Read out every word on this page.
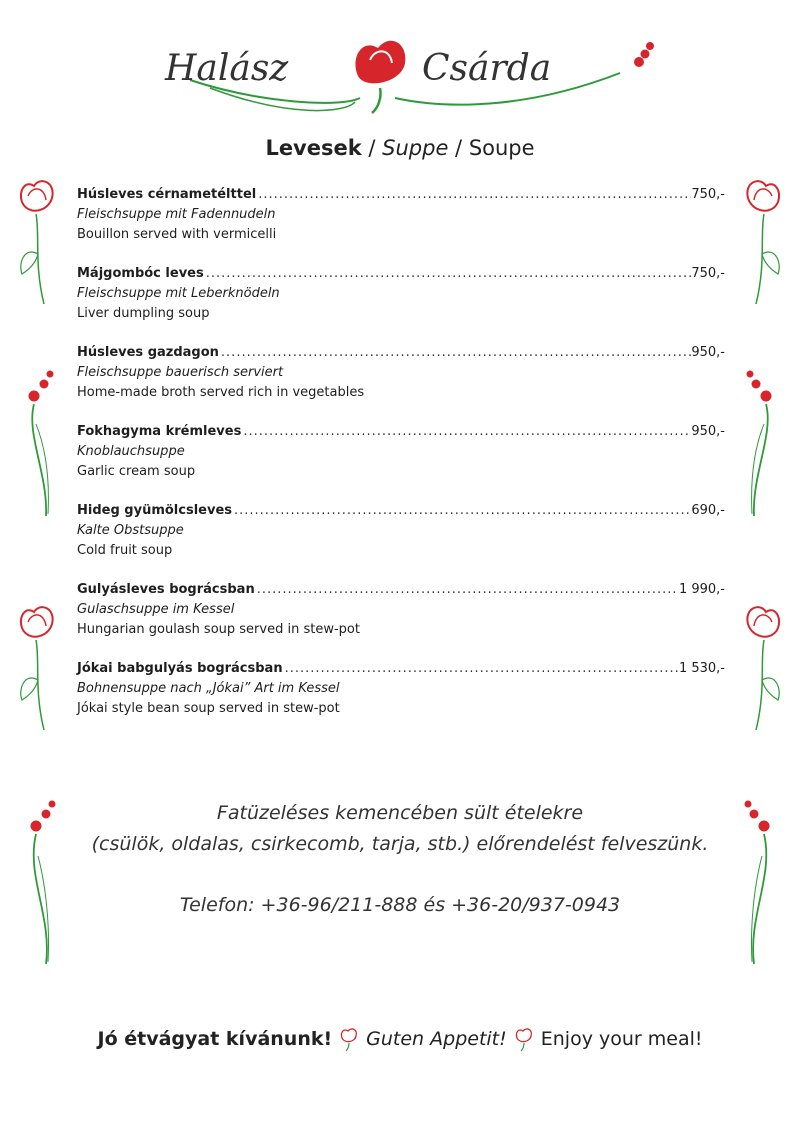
Halász	Csárda
Levesek / Suppe / Soupe
Húsleves cérnametélttel .....	750,-
Fleischsuppe mit Fadennudeln
Bouillon served with vermicelli
Májgombóc leves .....	750,-
Fleischsuppe mit Leberknödeln
Liver dumpling soup
Húsleves gazdagon .....	950,-
Fleischsuppe bauerisch serviert
Home-made broth served rich in vegetables
Fokhagyma krémleves .....	950,-
Knoblauchsuppe
Garlic cream soup
Hideg gyümölcsleves .....	690,-
Kalte Obstsuppe
Cold fruit soup
Gulyásleves bográcsban .....	1 990,-
Gulaschsuppe im Kessel
Hungarian goulash soup served in stew-pot
Jókai babgulyás bográcsban .....	1 530,-
Bohnensuppe nach „Jókai” Art im Kessel
Jókai style bean soup served in stew-pot
Fatüzeléses kemencében sült ételekre
(csülök, oldalas, csirkecomb, tarja, stb.) előrendelést felveszünk.
Telefon: +36-96/211-888 és +36-20/937-0943
Jó étvágyat kívánunk! Guten Appetit! Enjoy your meal!
